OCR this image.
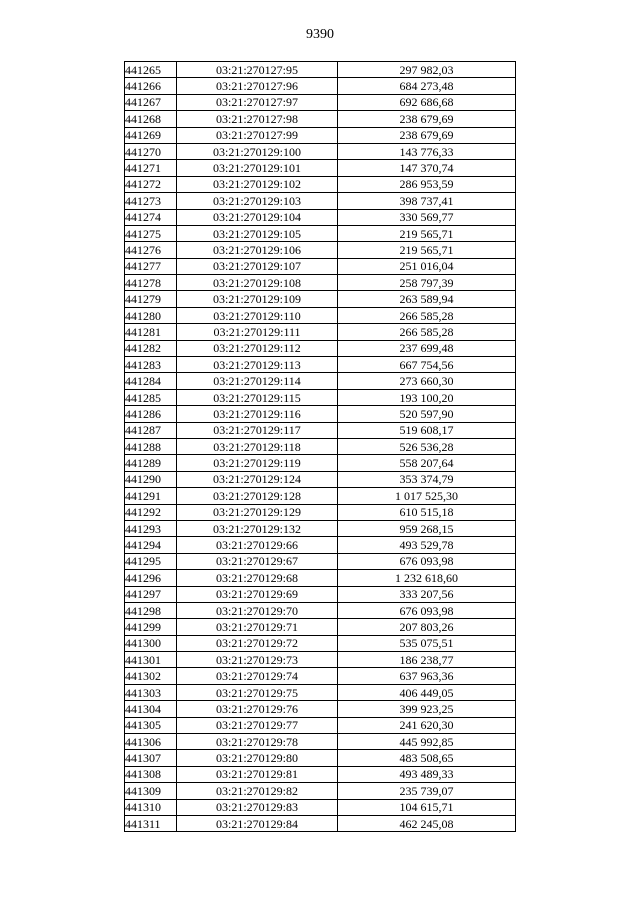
9390
441265	03:21:270127:95	297 982,03
441266	03:21:270127:96	684 273,48
441267	03:21:270127:97	692 686,68
441268	03:21:270127:98	238 679,69
441269	03:21:270127:99	238 679,69
441270	03:21:270129:100	143 776,33
441271	03:21:270129:101	147 370,74
441272	03:21:270129:102	286 953,59
441273	03:21:270129:103	398 737,41
441274	03:21:270129:104	330 569,77
441275	03:21:270129:105	219 565,71
441276	03:21:270129:106	219 565,71
441277	03:21:270129:107	251 016,04
441278	03:21:270129:108	258 797,39
441279	03:21:270129:109	263 589,94
441280	03:21:270129:110	266 585,28
441281	03:21:270129:111	266 585,28
441282	03:21:270129:112	237 699,48
441283	03:21:270129:113	667 754,56
441284	03:21:270129:114	273 660,30
441285	03:21:270129:115	193 100,20
441286	03:21:270129:116	520 597,90
441287	03:21:270129:117	519 608,17
441288	03:21:270129:118	526 536,28
441289	03:21:270129:119	558 207,64
441290	03:21:270129:124	353 374,79
441291	03:21:270129:128	1 017 525,30
441292	03:21:270129:129	610 515,18
441293	03:21:270129:132	959 268,15
441294	03:21:270129:66	493 529,78
441295	03:21:270129:67	676 093,98
441296	03:21:270129:68	1 232 618,60
441297	03:21:270129:69	333 207,56
441298	03:21:270129:70	676 093,98
441299	03:21:270129:71	207 803,26
441300	03:21:270129:72	535 075,51
441301	03:21:270129:73	186 238,77
441302	03:21:270129:74	637 963,36
441303	03:21:270129:75	406 449,05
441304	03:21:270129:76	399 923,25
441305	03:21:270129:77	241 620,30
441306	03:21:270129:78	445 992,85
441307	03:21:270129:80	483 508,65
441308	03:21:270129:81	493 489,33
441309	03:21:270129:82	235 739,07
441310	03:21:270129:83	104 615,71
441311	03:21:270129:84	462 245,08
